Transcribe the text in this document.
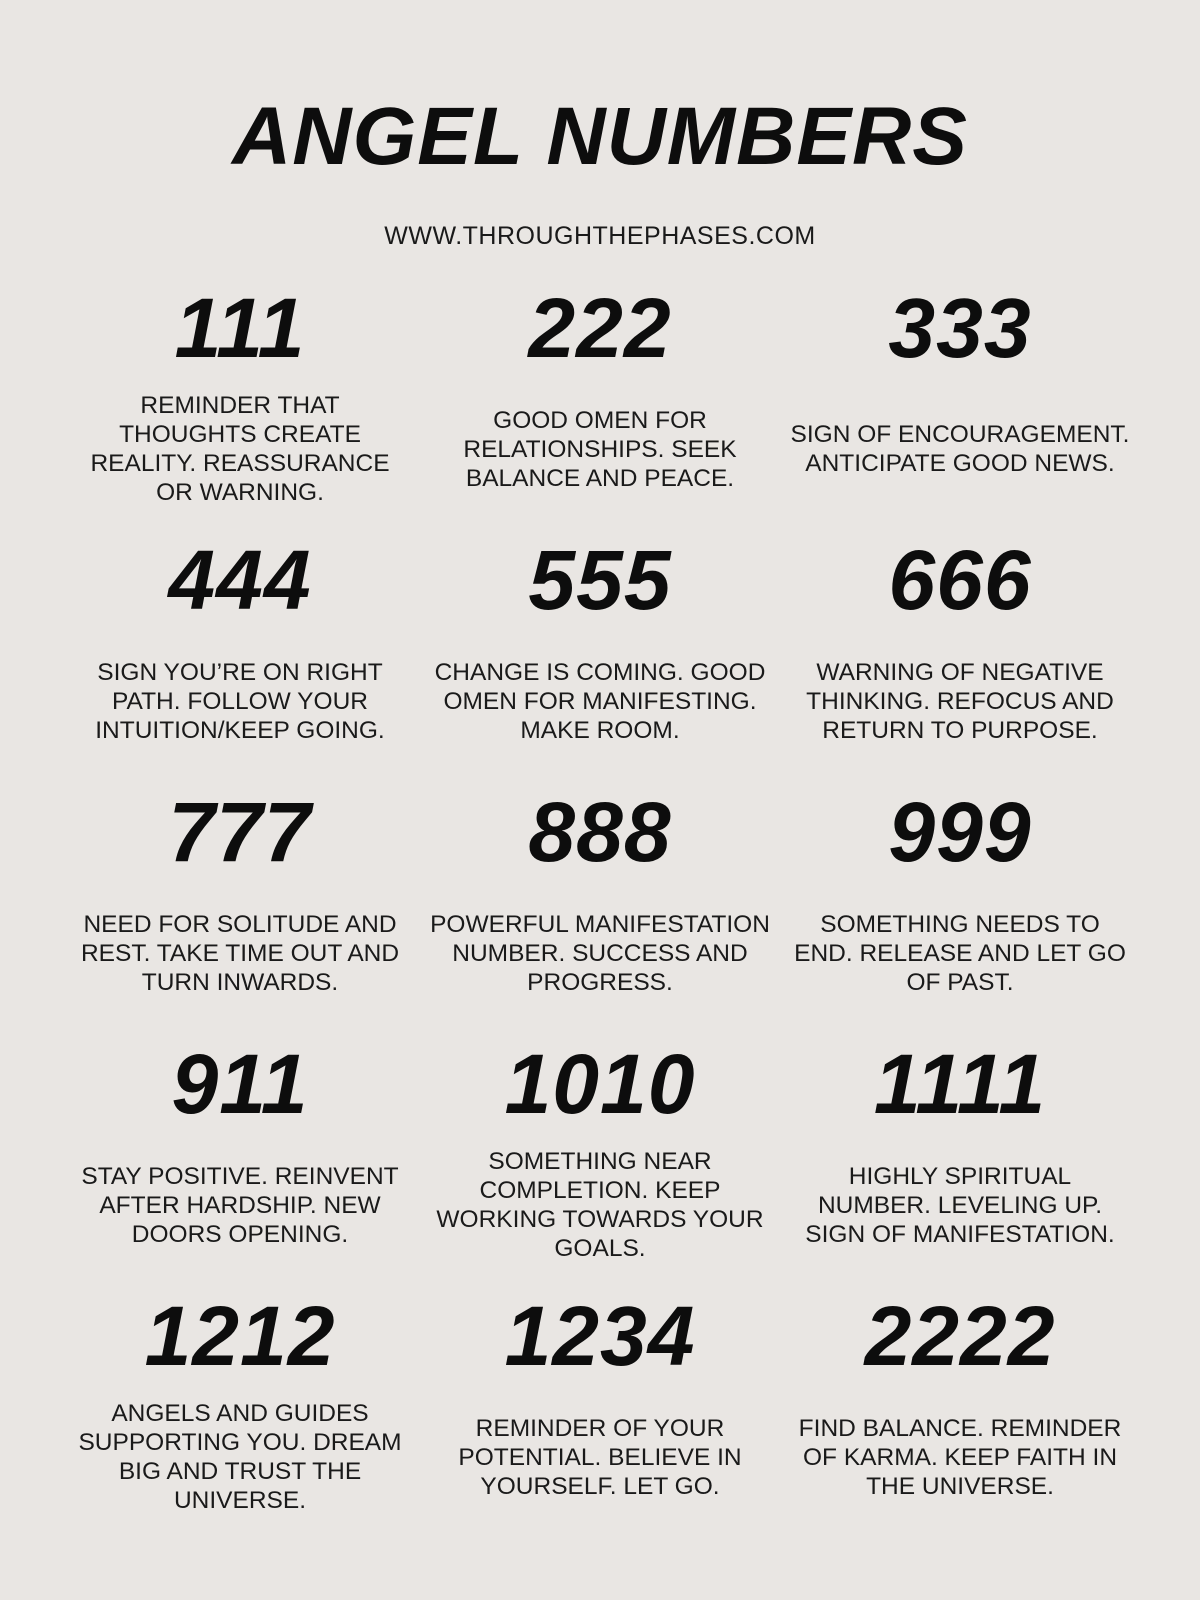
ANGEL NUMBERS
WWW.THROUGHTHEPHASES.COM
111
REMINDER THAT THOUGHTS CREATE REALITY. REASSURANCE OR WARNING.
222
GOOD OMEN FOR RELATIONSHIPS. SEEK BALANCE AND PEACE.
333
SIGN OF ENCOURAGEMENT. ANTICIPATE GOOD NEWS.
444
SIGN YOU’RE ON RIGHT PATH. FOLLOW YOUR INTUITION/KEEP GOING.
555
CHANGE IS COMING. GOOD OMEN FOR MANIFESTING. MAKE ROOM.
666
WARNING OF NEGATIVE THINKING. REFOCUS AND RETURN TO PURPOSE.
777
NEED FOR SOLITUDE AND REST. TAKE TIME OUT AND TURN INWARDS.
888
POWERFUL MANIFESTATION NUMBER. SUCCESS AND PROGRESS.
999
SOMETHING NEEDS TO END. RELEASE AND LET GO OF PAST.
911
STAY POSITIVE. REINVENT AFTER HARDSHIP. NEW DOORS OPENING.
1010
SOMETHING NEAR COMPLETION. KEEP WORKING TOWARDS YOUR GOALS.
1111
HIGHLY SPIRITUAL NUMBER. LEVELING UP. SIGN OF MANIFESTATION.
1212
ANGELS AND GUIDES SUPPORTING YOU. DREAM BIG AND TRUST THE UNIVERSE.
1234
REMINDER OF YOUR POTENTIAL. BELIEVE IN YOURSELF. LET GO.
2222
FIND BALANCE. REMINDER OF KARMA. KEEP FAITH IN THE UNIVERSE.
